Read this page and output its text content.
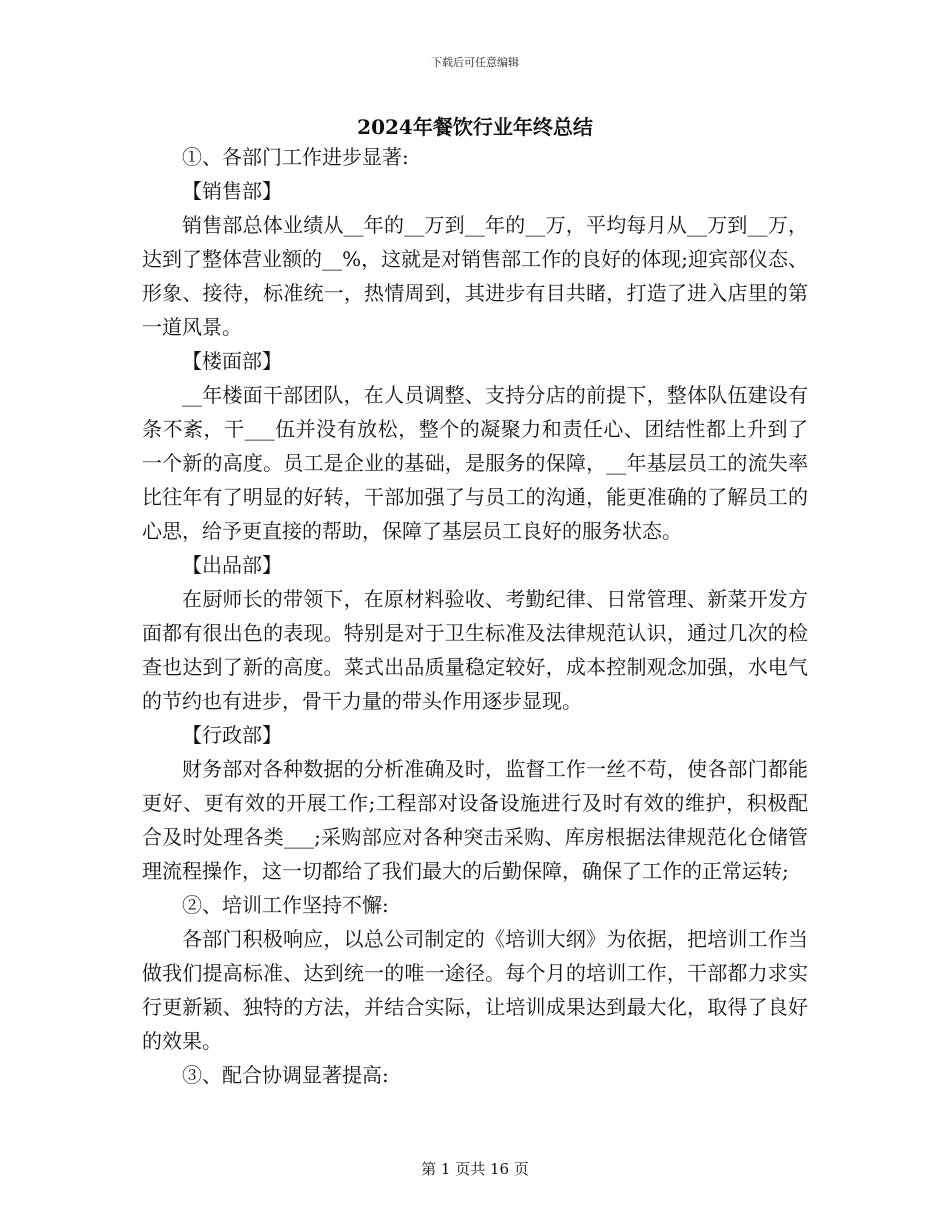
下载后可任意编辑
2024年餐饮行业年终总结

①、各部门工作进步显著:

【销售部】

销售部总体业绩从__年的__万到__年的__万，平均每月从__万到__万，达到了整体营业额的__%，这就是对销售部工作的良好的体现;迎宾部仪态、形象、接待，标准统一，热情周到，其进步有目共睹，打造了进入店里的第一道风景。

【楼面部】

__年楼面干部团队，在人员调整、支持分店的前提下，整体队伍建设有条不紊，干___伍并没有放松，整个的凝聚力和责任心、团结性都上升到了一个新的高度。员工是企业的基础，是服务的保障，__年基层员工的流失率比往年有了明显的好转，干部加强了与员工的沟通，能更准确的了解员工的心思，给予更直接的帮助，保障了基层员工良好的服务状态。

【出品部】

在厨师长的带领下，在原材料验收、考勤纪律、日常管理、新菜开发方面都有很出色的表现。特别是对于卫生标准及法律规范认识，通过几次的检查也达到了新的高度。菜式出品质量稳定较好，成本控制观念加强，水电气的节约也有进步，骨干力量的带头作用逐步显现。

【行政部】

财务部对各种数据的分析准确及时，监督工作一丝不苟，使各部门都能更好、更有效的开展工作;工程部对设备设施进行及时有效的维护，积极配合及时处理各类___;采购部应对各种突击采购、库房根据法律规范化仓储管理流程操作，这一切都给了我们最大的后勤保障，确保了工作的正常运转;

②、培训工作坚持不懈:

各部门积极响应，以总公司制定的《培训大纲》为依据，把培训工作当做我们提高标准、达到统一的唯一途径。每个月的培训工作，干部都力求实行更新颖、独特的方法，并结合实际，让培训成果达到最大化，取得了良好的效果。

③、配合协调显著提高:

第 1 页共 16 页
